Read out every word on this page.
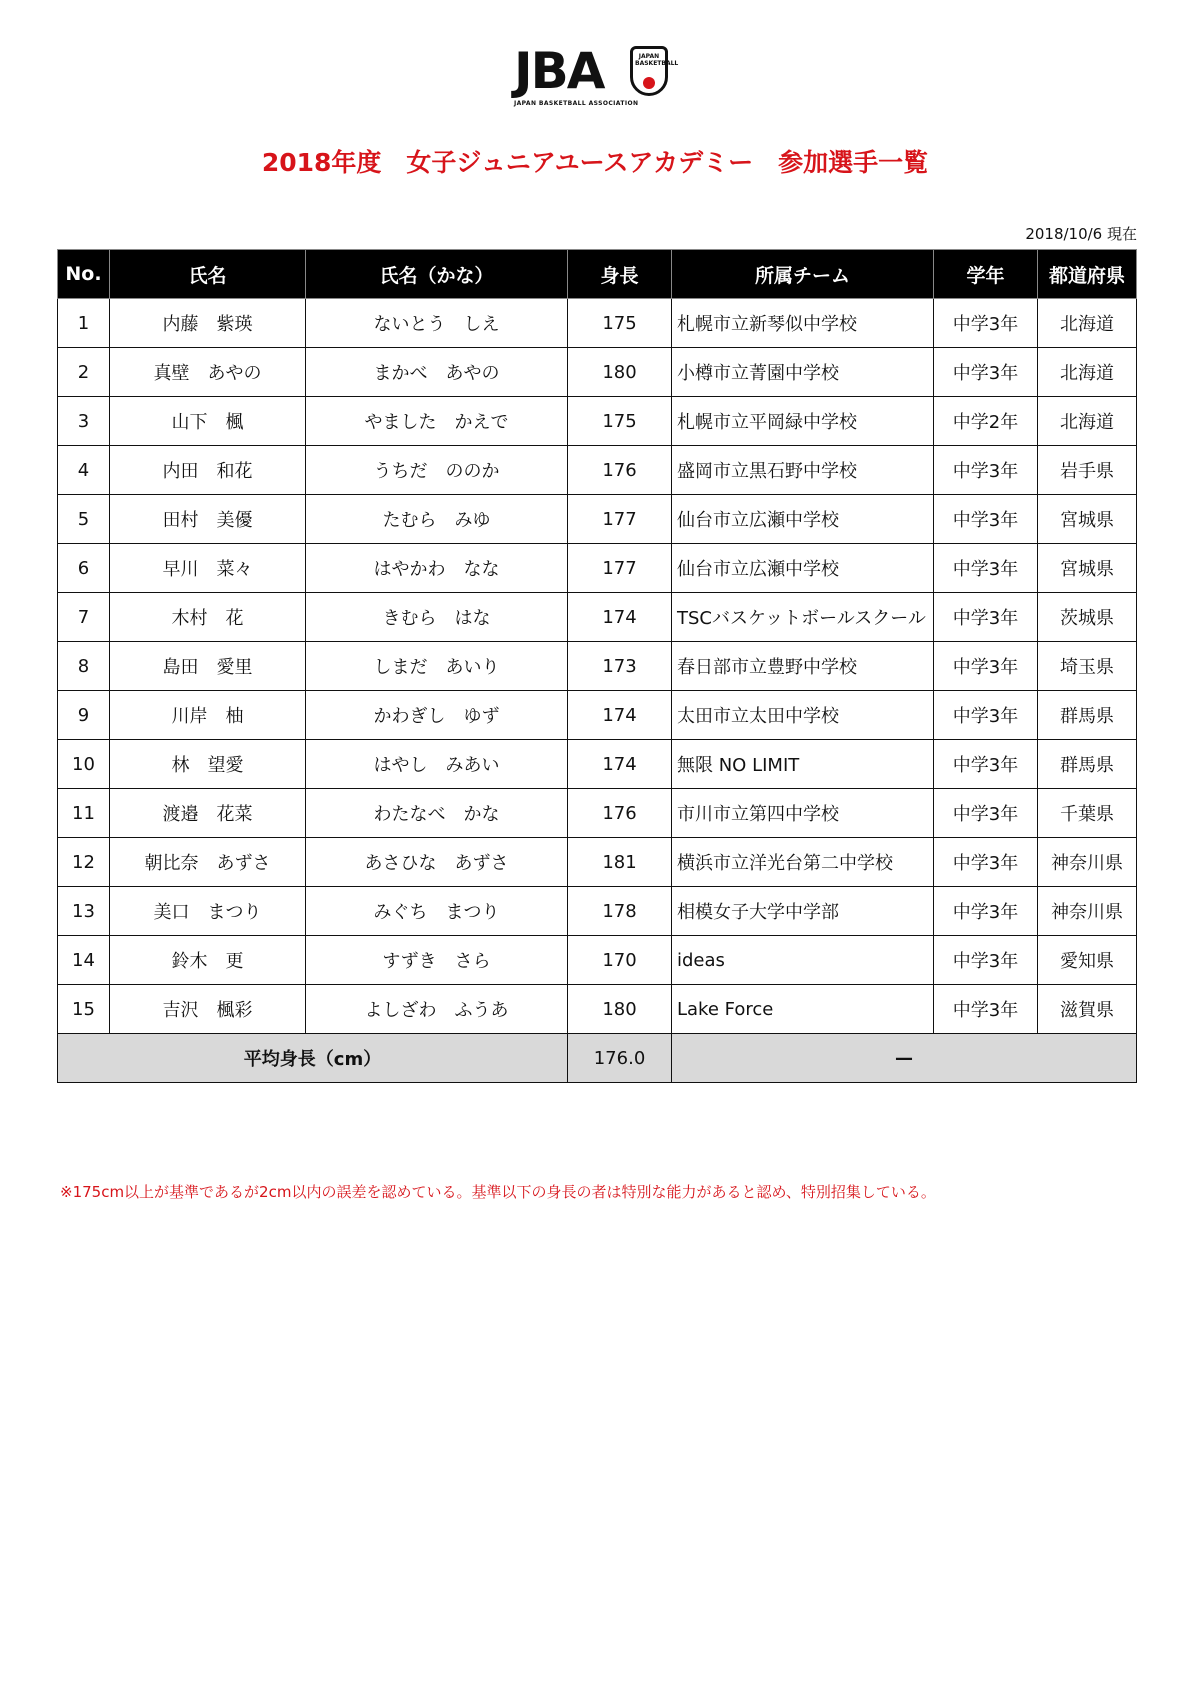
JBA	JAPAN BASKETBALL
JAPAN BASKETBALL ASSOCIATION
2018年度　女子ジュニアユースアカデミー　参加選手一覧
2018/10/6 現在
No.	氏名	氏名（かな）	身長	所属チーム	学年	都道府県
1	内藤　紫瑛	ないとう　しえ	175	札幌市立新琴似中学校	中学3年	北海道
2	真壁　あやの	まかべ　あやの	180	小樽市立菁園中学校	中学3年	北海道
3	山下　楓	やました　かえで	175	札幌市立平岡緑中学校	中学2年	北海道
4	内田　和花	うちだ　ののか	176	盛岡市立黒石野中学校	中学3年	岩手県
5	田村　美優	たむら　みゆ	177	仙台市立広瀬中学校	中学3年	宮城県
6	早川　菜々	はやかわ　なな	177	仙台市立広瀬中学校	中学3年	宮城県
7	木村　花	きむら　はな	174	TSCバスケットボールスクール	中学3年	茨城県
8	島田　愛里	しまだ　あいり	173	春日部市立豊野中学校	中学3年	埼玉県
9	川岸　柚	かわぎし　ゆず	174	太田市立太田中学校	中学3年	群馬県
10	林　望愛	はやし　みあい	174	無限 NO LIMIT	中学3年	群馬県
11	渡邉　花菜	わたなべ　かな	176	市川市立第四中学校	中学3年	千葉県
12	朝比奈　あずさ	あさひな　あずさ	181	横浜市立洋光台第二中学校	中学3年	神奈川県
13	美口　まつり	みぐち　まつり	178	相模女子大学中学部	中学3年	神奈川県
14	鈴木　更	すずき　さら	170	ideas	中学3年	愛知県
15	吉沢　楓彩	よしざわ　ふうあ	180	Lake Force	中学3年	滋賀県
平均身長（cm）			176.0	—		
※175cm以上が基準であるが2cm以内の誤差を認めている。基準以下の身長の者は特別な能力があると認め、特別招集している。
